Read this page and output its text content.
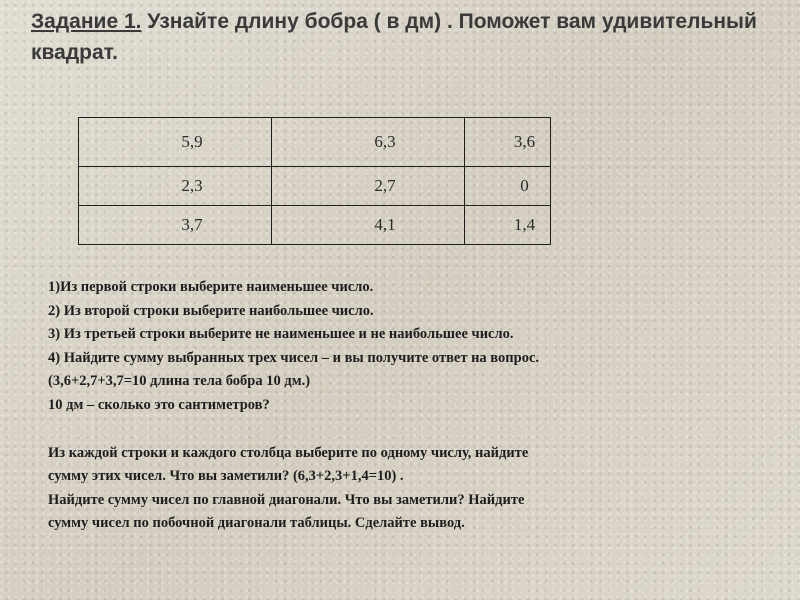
Задание 1. Узнайте длину бобра ( в дм) . Поможет вам удивительный квадрат.
5,9	6,3	3,6
2,3	2,7	0
3,7	4,1	1,4

1)Из первой строки выберите наименьшее число.

2) Из второй строки выберите наибольшее число.

3) Из третьей строки выберите не наименьшее и не наибольшее число.

4) Найдите сумму выбранных трех чисел – и вы получите ответ на вопрос.

(3,6+2,7+3,7=10 длина тела бобра 10 дм.)

10 дм – сколько это сантиметров?

Из каждой строки и каждого столбца выберите по одному числу, найдите

сумму этих чисел. Что вы заметили? (6,3+2,3+1,4=10) .

Найдите сумму чисел по главной диагонали. Что вы заметили? Найдите

сумму чисел по побочной диагонали таблицы. Сделайте вывод.
